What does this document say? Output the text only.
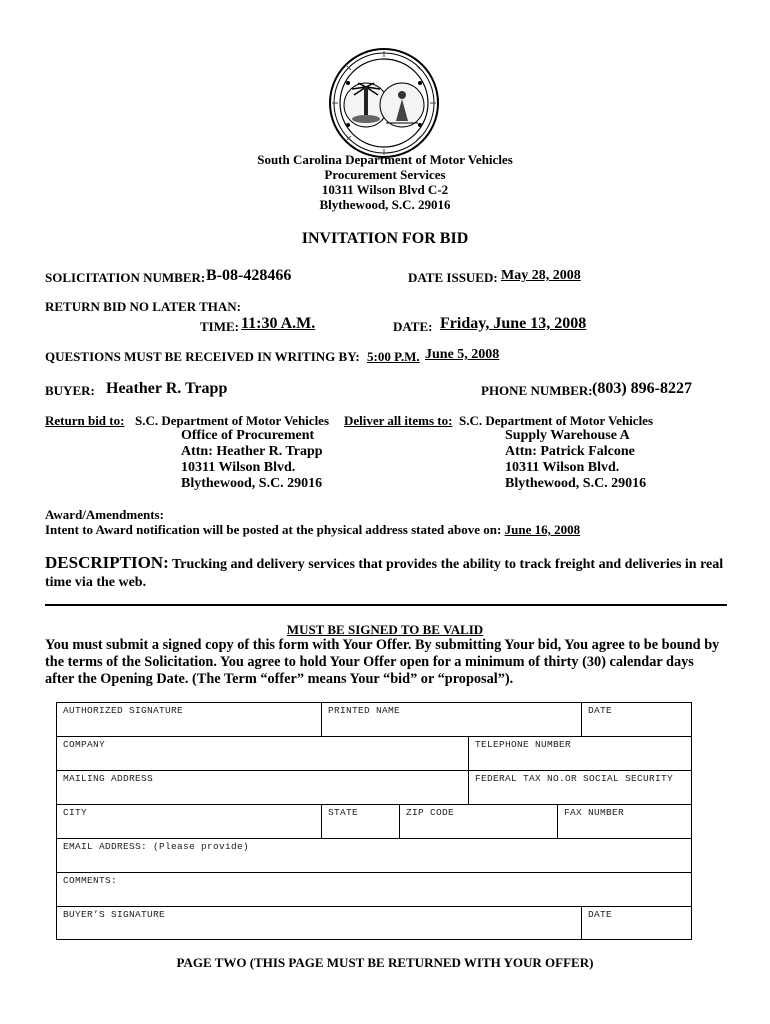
South Carolina Department of Motor Vehicles
Procurement Services
10311 Wilson Blvd C-2
Blythewood, S.C. 29016
INVITATION FOR BID
SOLICITATION NUMBER: B-08-428466	DATE ISSUED: May 28, 2008
RETURN BID NO LATER THAN:
TIME: 11:30 A.M.	DATE: Friday, June 13, 2008
QUESTIONS MUST BE RECEIVED IN WRITING BY: 5:00 P.M. June 5, 2008
BUYER: Heather R. Trapp	PHONE NUMBER: (803) 896-8227
Return bid to: S.C. Department of Motor Vehicles
Office of Procurement
Attn: Heather R. Trapp
10311 Wilson Blvd.
Blythewood, S.C. 29016
Deliver all items to: S.C. Department of Motor Vehicles
Supply Warehouse A
Attn: Patrick Falcone
10311 Wilson Blvd.
Blythewood, S.C. 29016
Award/Amendments:
Intent to Award notification will be posted at the physical address stated above on: June 16, 2008
DESCRIPTION: Trucking and delivery services that provides the ability to track freight and deliveries in real time via the web.
MUST BE SIGNED TO BE VALID
You must submit a signed copy of this form with Your Offer. By submitting Your bid, You agree to be bound by the terms of the Solicitation. You agree to hold Your Offer open for a minimum of thirty (30) calendar days after the Opening Date. (The Term “offer” means Your “bid” or “proposal”).
AUTHORIZED SIGNATURE	PRINTED NAME	DATE
COMPANY	TELEPHONE NUMBER
MAILING ADDRESS	FEDERAL TAX NO.OR SOCIAL SECURITY
CITY	STATE	ZIP CODE	FAX NUMBER
EMAIL ADDRESS: (Please provide)
COMMENTS:
BUYER’S SIGNATURE	DATE
PAGE TWO (THIS PAGE MUST BE RETURNED WITH YOUR OFFER)
